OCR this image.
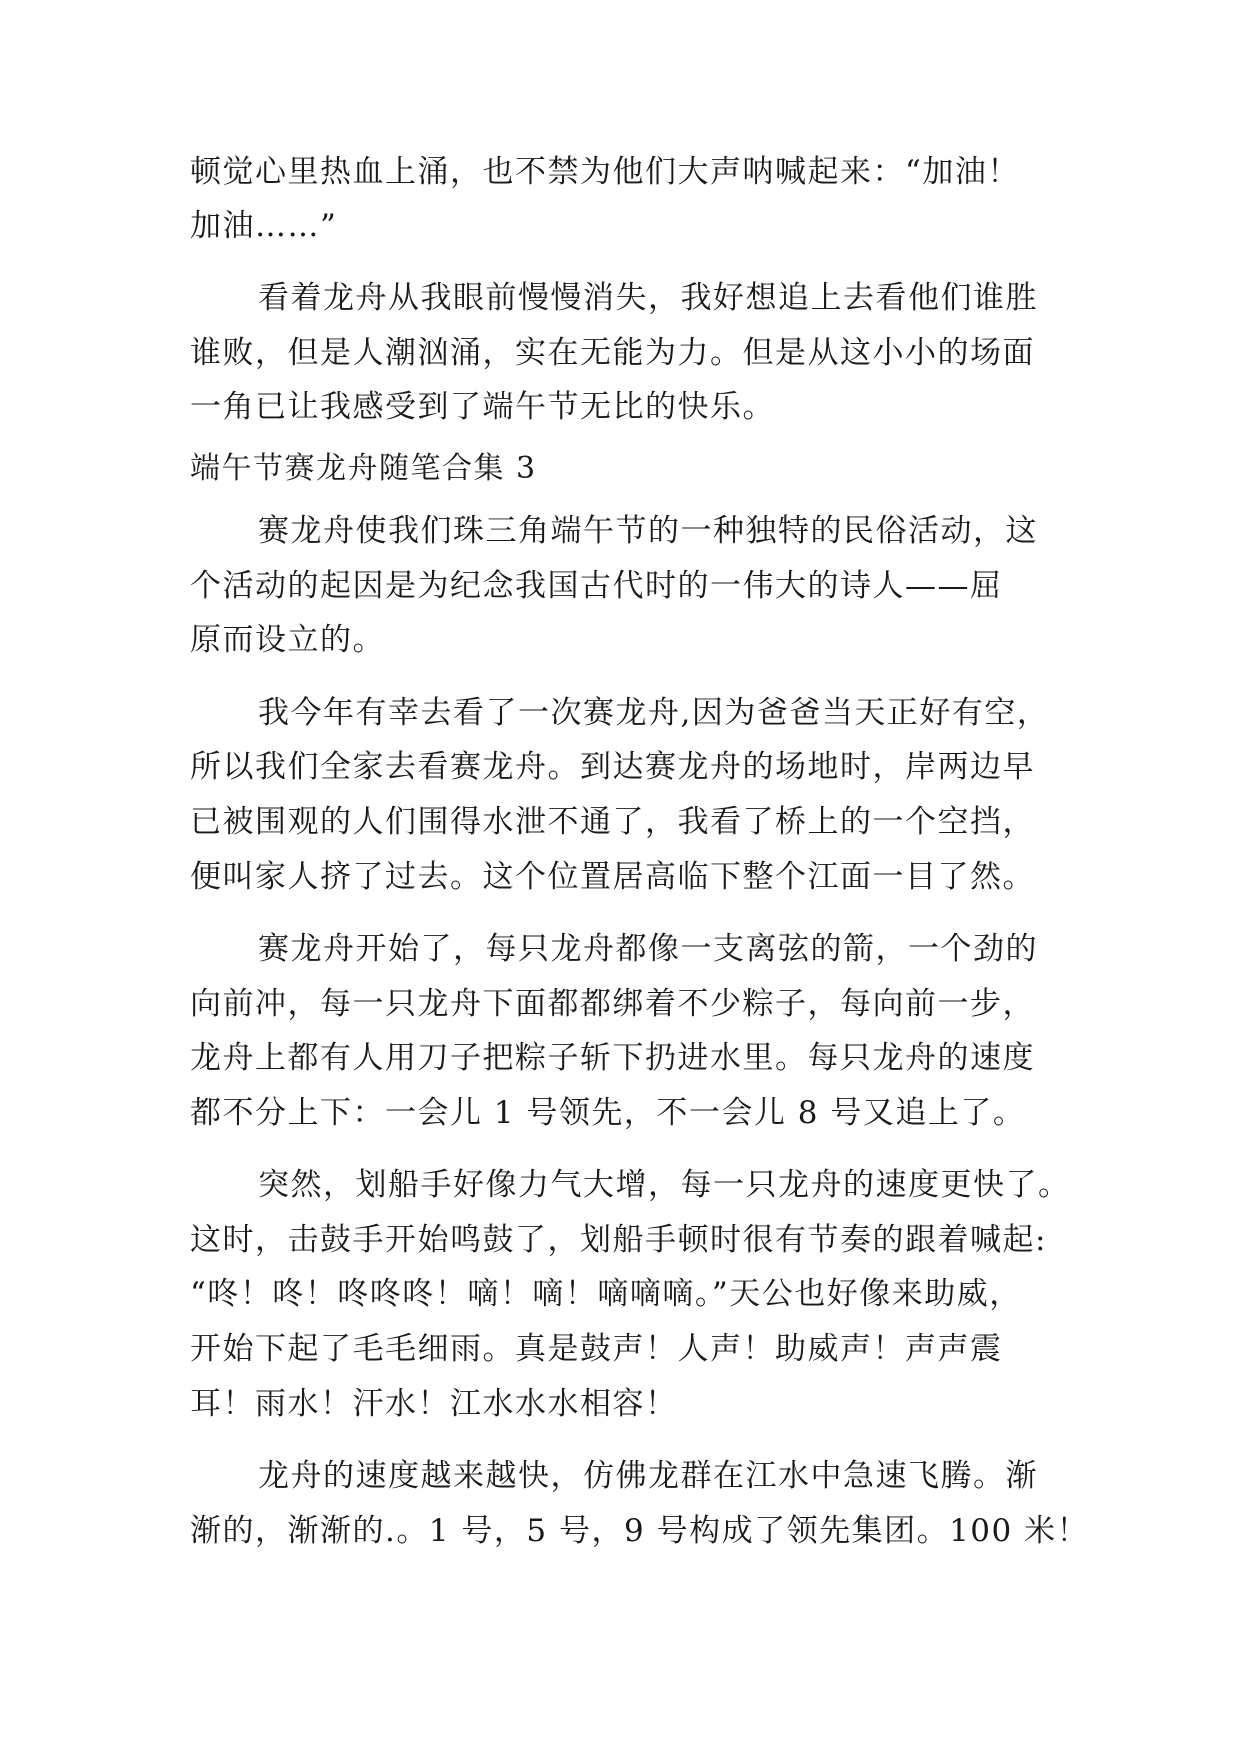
顿觉心里热血上涌，也不禁为他们大声呐喊起来：“加油！
加油……”
看着龙舟从我眼前慢慢消失，我好想追上去看他们谁胜
谁败，但是人潮汹涌，实在无能为力。但是从这小小的场面
一角已让我感受到了端午节无比的快乐。
端午节赛龙舟随笔合集 3
赛龙舟使我们珠三角端午节的一种独特的民俗活动，这
个活动的起因是为纪念我国古代时的一伟大的诗人——屈
原而设立的。
我今年有幸去看了一次赛龙舟,因为爸爸当天正好有空，
所以我们全家去看赛龙舟。到达赛龙舟的场地时，岸两边早
已被围观的人们围得水泄不通了，我看了桥上的一个空挡，
便叫家人挤了过去。这个位置居高临下整个江面一目了然。
赛龙舟开始了，每只龙舟都像一支离弦的箭，一个劲的
向前冲，每一只龙舟下面都都绑着不少粽子，每向前一步，
龙舟上都有人用刀子把粽子斩下扔进水里。每只龙舟的速度
都不分上下：一会儿 1 号领先，不一会儿 8 号又追上了。
突然，划船手好像力气大增，每一只龙舟的速度更快了。
这时，击鼓手开始鸣鼓了，划船手顿时很有节奏的跟着喊起:
“咚！咚！咚咚咚！嘀！嘀！嘀嘀嘀。”天公也好像来助威，
开始下起了毛毛细雨。真是鼓声！人声！助威声！声声震
耳！雨水！汗水！江水水水相容！
龙舟的速度越来越快，仿佛龙群在江水中急速飞腾。渐
渐的，渐渐的.。1 号，5 号，9 号构成了领先集团。100 米！
